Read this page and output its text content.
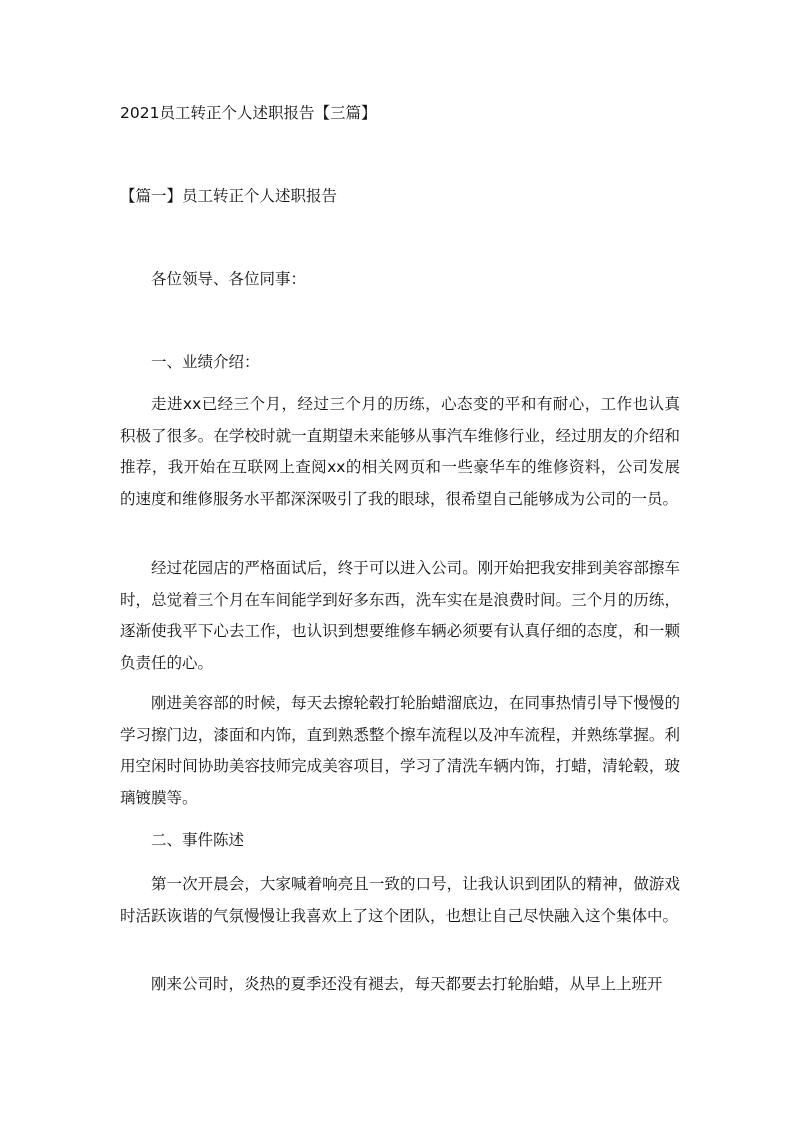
2021员工转正个人述职报告【三篇】
【篇一】员工转正个人述职报告
各位领导、各位同事：
一、业绩介绍：
走进xx已经三个月，经过三个月的历练，心态变的平和有耐心，工作也认真积极了很多。在学校时就一直期望未来能够从事汽车维修行业，经过朋友的介绍和推荐，我开始在互联网上查阅xx的相关网页和一些豪华车的维修资料，公司发展的速度和维修服务水平都深深吸引了我的眼球，很希望自己能够成为公司的一员。
经过花园店的严格面试后，终于可以进入公司。刚开始把我安排到美容部擦车时，总觉着三个月在车间能学到好多东西，洗车实在是浪费时间。三个月的历练，逐渐使我平下心去工作，也认识到想要维修车辆必须要有认真仔细的态度，和一颗负责任的心。
刚进美容部的时候，每天去擦轮毂打轮胎蜡溜底边，在同事热情引导下慢慢的学习擦门边，漆面和内饰，直到熟悉整个擦车流程以及冲车流程，并熟练掌握。利用空闲时间协助美容技师完成美容项目，学习了清洗车辆内饰，打蜡，清轮毂，玻璃镀膜等。
二、事件陈述
第一次开晨会，大家喊着响亮且一致的口号，让我认识到团队的精神，做游戏时活跃诙谐的气氛慢慢让我喜欢上了这个团队，也想让自己尽快融入这个集体中。
刚来公司时，炎热的夏季还没有褪去，每天都要去打轮胎蜡，从早上上班开
